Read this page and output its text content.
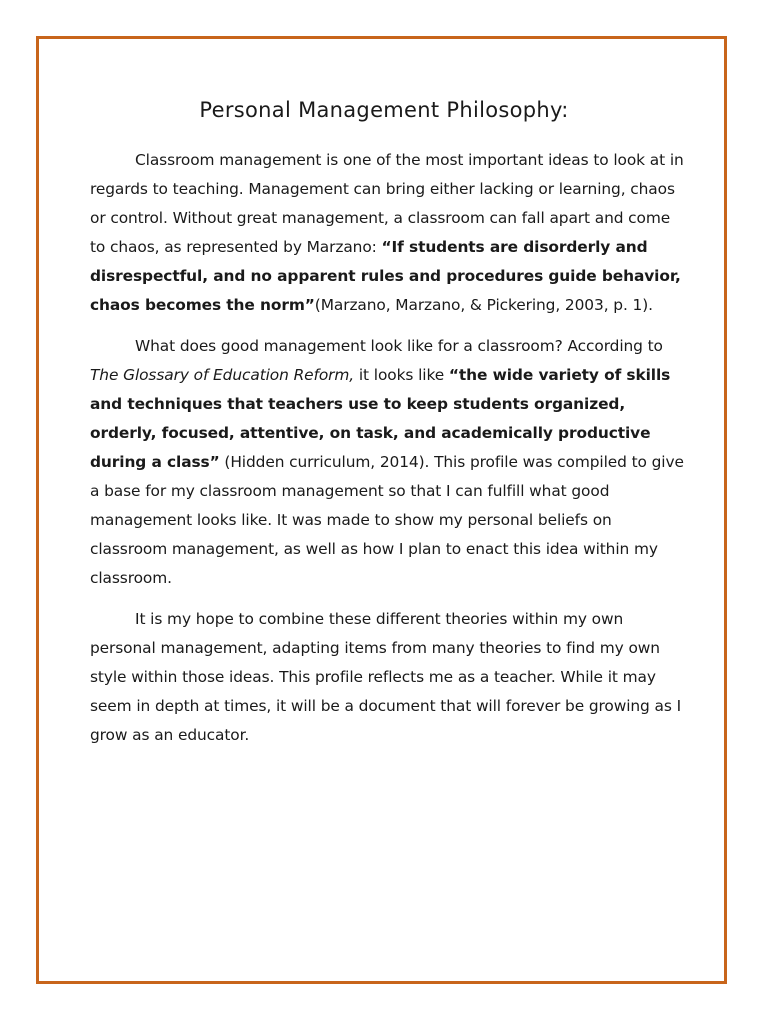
Personal Management Philosophy:

Classroom management is one of the most important ideas to look at in regards to teaching. Management can bring either lacking or learning, chaos or control. Without great management, a classroom can fall apart and come to chaos, as represented by Marzano: “If students are disorderly and disrespectful, and no apparent rules and procedures guide behavior, chaos becomes the norm”(Marzano, Marzano, & Pickering, 2003, p. 1).

What does good management look like for a classroom? According to The Glossary of Education Reform, it looks like “the wide variety of skills and techniques that teachers use to keep students organized, orderly, focused, attentive, on task, and academically productive during a class” (Hidden curriculum, 2014). This profile was compiled to give a base for my classroom management so that I can fulfill what good management looks like. It was made to show my personal beliefs on classroom management, as well as how I plan to enact this idea within my classroom.

It is my hope to combine these different theories within my own personal management, adapting items from many theories to find my own style within those ideas. This profile reflects me as a teacher. While it may seem in depth at times, it will be a document that will forever be growing as I grow as an educator.
